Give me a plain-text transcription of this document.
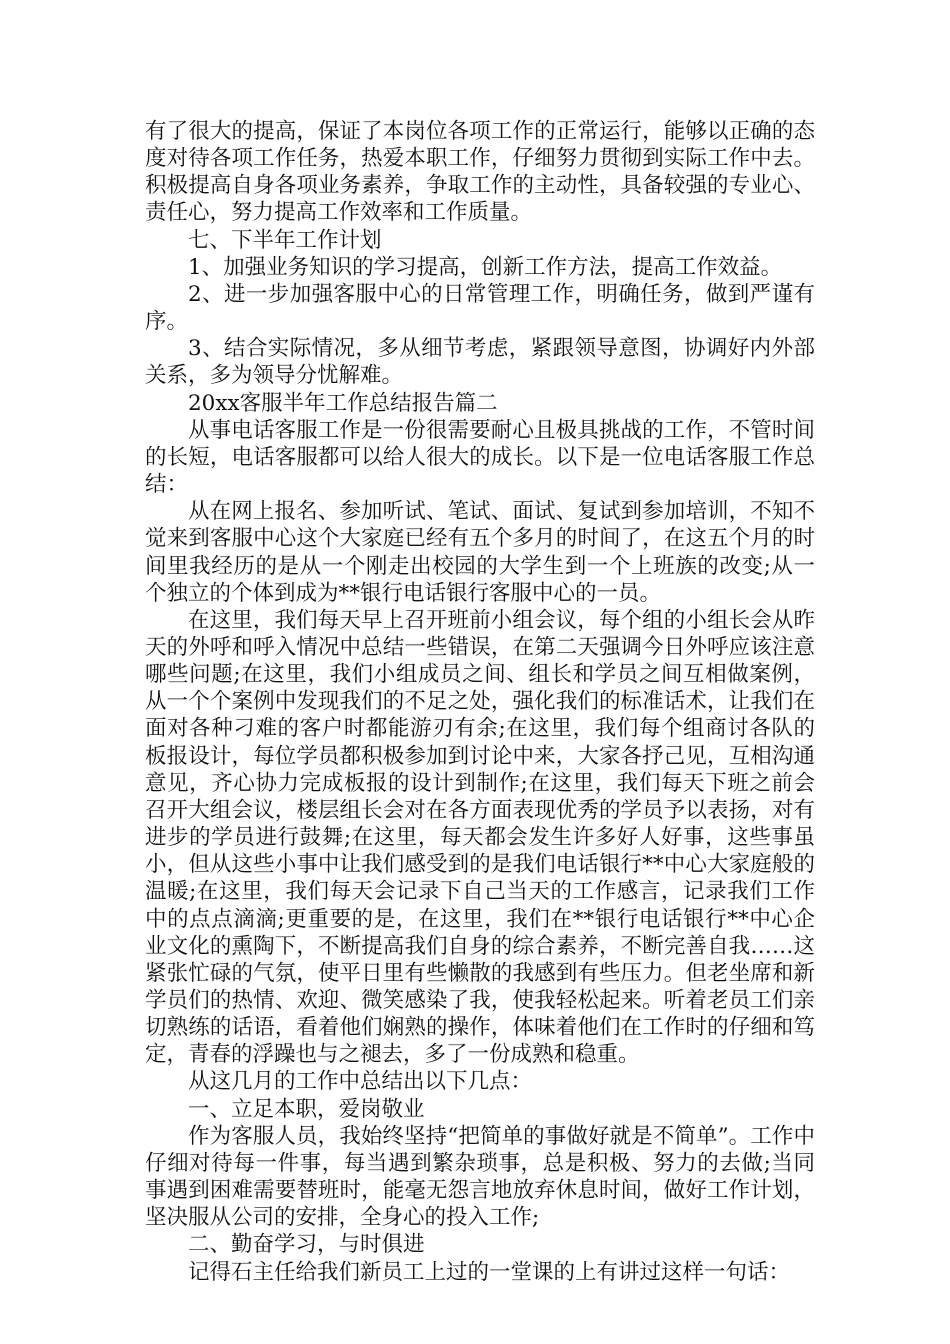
有了很大的提高，保证了本岗位各项工作的正常运行，能够以正确的态度对待各项工作任务，热爱本职工作，仔细努力贯彻到实际工作中去。积极提高自身各项业务素养，争取工作的主动性，具备较强的专业心、责任心，努力提高工作效率和工作质量。

七、下半年工作计划

1、加强业务知识的学习提高，创新工作方法，提高工作效益。

2、进一步加强客服中心的日常管理工作，明确任务，做到严谨有序。

3、结合实际情况，多从细节考虑，紧跟领导意图，协调好内外部关系，多为领导分忧解难。

20xx客服半年工作总结报告篇二

从事电话客服工作是一份很需要耐心且极具挑战的工作，不管时间的长短，电话客服都可以给人很大的成长。以下是一位电话客服工作总结：

从在网上报名、参加听试、笔试、面试、复试到参加培训，不知不觉来到客服中心这个大家庭已经有五个多月的时间了，在这五个月的时间里我经历的是从一个刚走出校园的大学生到一个上班族的改变;从一个独立的个体到成为**银行电话银行客服中心的一员。

在这里，我们每天早上召开班前小组会议，每个组的小组长会从昨天的外呼和呼入情况中总结一些错误，在第二天强调今日外呼应该注意哪些问题;在这里，我们小组成员之间、组长和学员之间互相做案例，从一个个案例中发现我们的不足之处，强化我们的标准话术，让我们在面对各种刁难的客户时都能游刃有余;在这里，我们每个组商讨各队的板报设计，每位学员都积极参加到讨论中来，大家各抒己见，互相沟通意见，齐心协力完成板报的设计到制作;在这里，我们每天下班之前会召开大组会议，楼层组长会对在各方面表现优秀的学员予以表扬，对有进步的学员进行鼓舞;在这里，每天都会发生许多好人好事，这些事虽小，但从这些小事中让我们感受到的是我们电话银行**中心大家庭般的温暖;在这里，我们每天会记录下自己当天的工作感言，记录我们工作中的点点滴滴;更重要的是，在这里，我们在**银行电话银行**中心企业文化的熏陶下，不断提高我们自身的综合素养，不断完善自我……这紧张忙碌的气氛，使平日里有些懒散的我感到有些压力。但老坐席和新学员们的热情、欢迎、微笑感染了我，使我轻松起来。听着老员工们亲切熟练的话语，看着他们娴熟的操作，体味着他们在工作时的仔细和笃定，青春的浮躁也与之褪去，多了一份成熟和稳重。

从这几月的工作中总结出以下几点：

一、立足本职，爱岗敬业

作为客服人员，我始终坚持“把简单的事做好就是不简单”。工作中仔细对待每一件事，每当遇到繁杂琐事，总是积极、努力的去做;当同事遇到困难需要替班时，能毫无怨言地放弃休息时间，做好工作计划，坚决服从公司的安排，全身心的投入工作;

二、勤奋学习，与时俱进

记得石主任给我们新员工上过的一堂课的上有讲过这样一句话：
